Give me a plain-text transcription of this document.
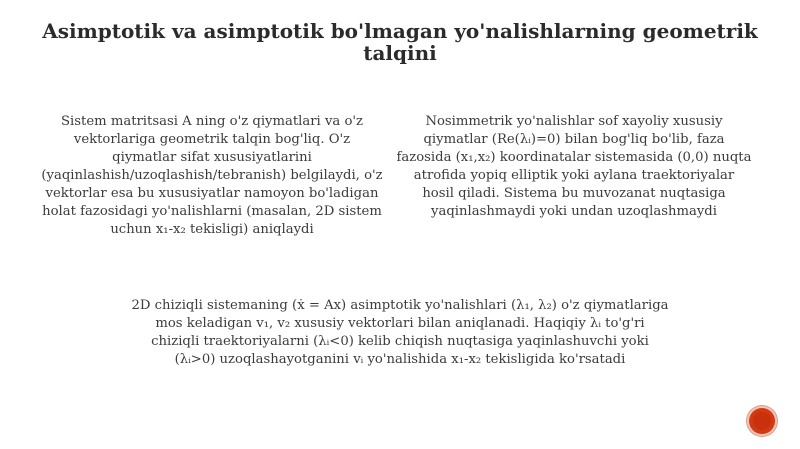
Asimptotik va asimptotik bo'lmagan yo'nalishlarning geometrik talqini
Sistem matritsasi A ning o'z qiymatlari va o'z vektorlariga geometrik talqin bog'liq. O'z qiymatlar sifat xususiyatlarini (yaqinlashish/uzoqlashish/tebranish) belgilaydi, o'z vektorlar esa bu xususiyatlar namoyon bo'ladigan holat fazosidagi yo'nalishlarni (masalan, 2D sistem uchun x₁-x₂ tekisligi) aniqlaydi
Nosimmetrik yo'nalishlar sof xayoliy xususiy qiymatlar (Re(λᵢ)=0) bilan bog'liq bo'lib, faza fazosida (x₁,x₂) koordinatalar sistemasida (0,0) nuqta atrofida yopiq elliptik yoki aylana traektoriyalar hosil qiladi. Sistema bu muvozanat nuqtasiga yaqinlashmaydi yoki undan uzoqlashmaydi
2D chiziqli sistemaning (ẋ = Ax) asimptotik yo'nalishlari (λ₁, λ₂) o'z qiymatlariga mos keladigan v₁, v₂ xususiy vektorlari bilan aniqlanadi. Haqiqiy λᵢ to'g'ri chiziqli traektoriyalarni (λᵢ<0) kelib chiqish nuqtasiga yaqinlashuvchi yoki (λᵢ>0) uzoqlashayotganini vᵢ yo'nalishida x₁-x₂ tekisligida ko'rsatadi
